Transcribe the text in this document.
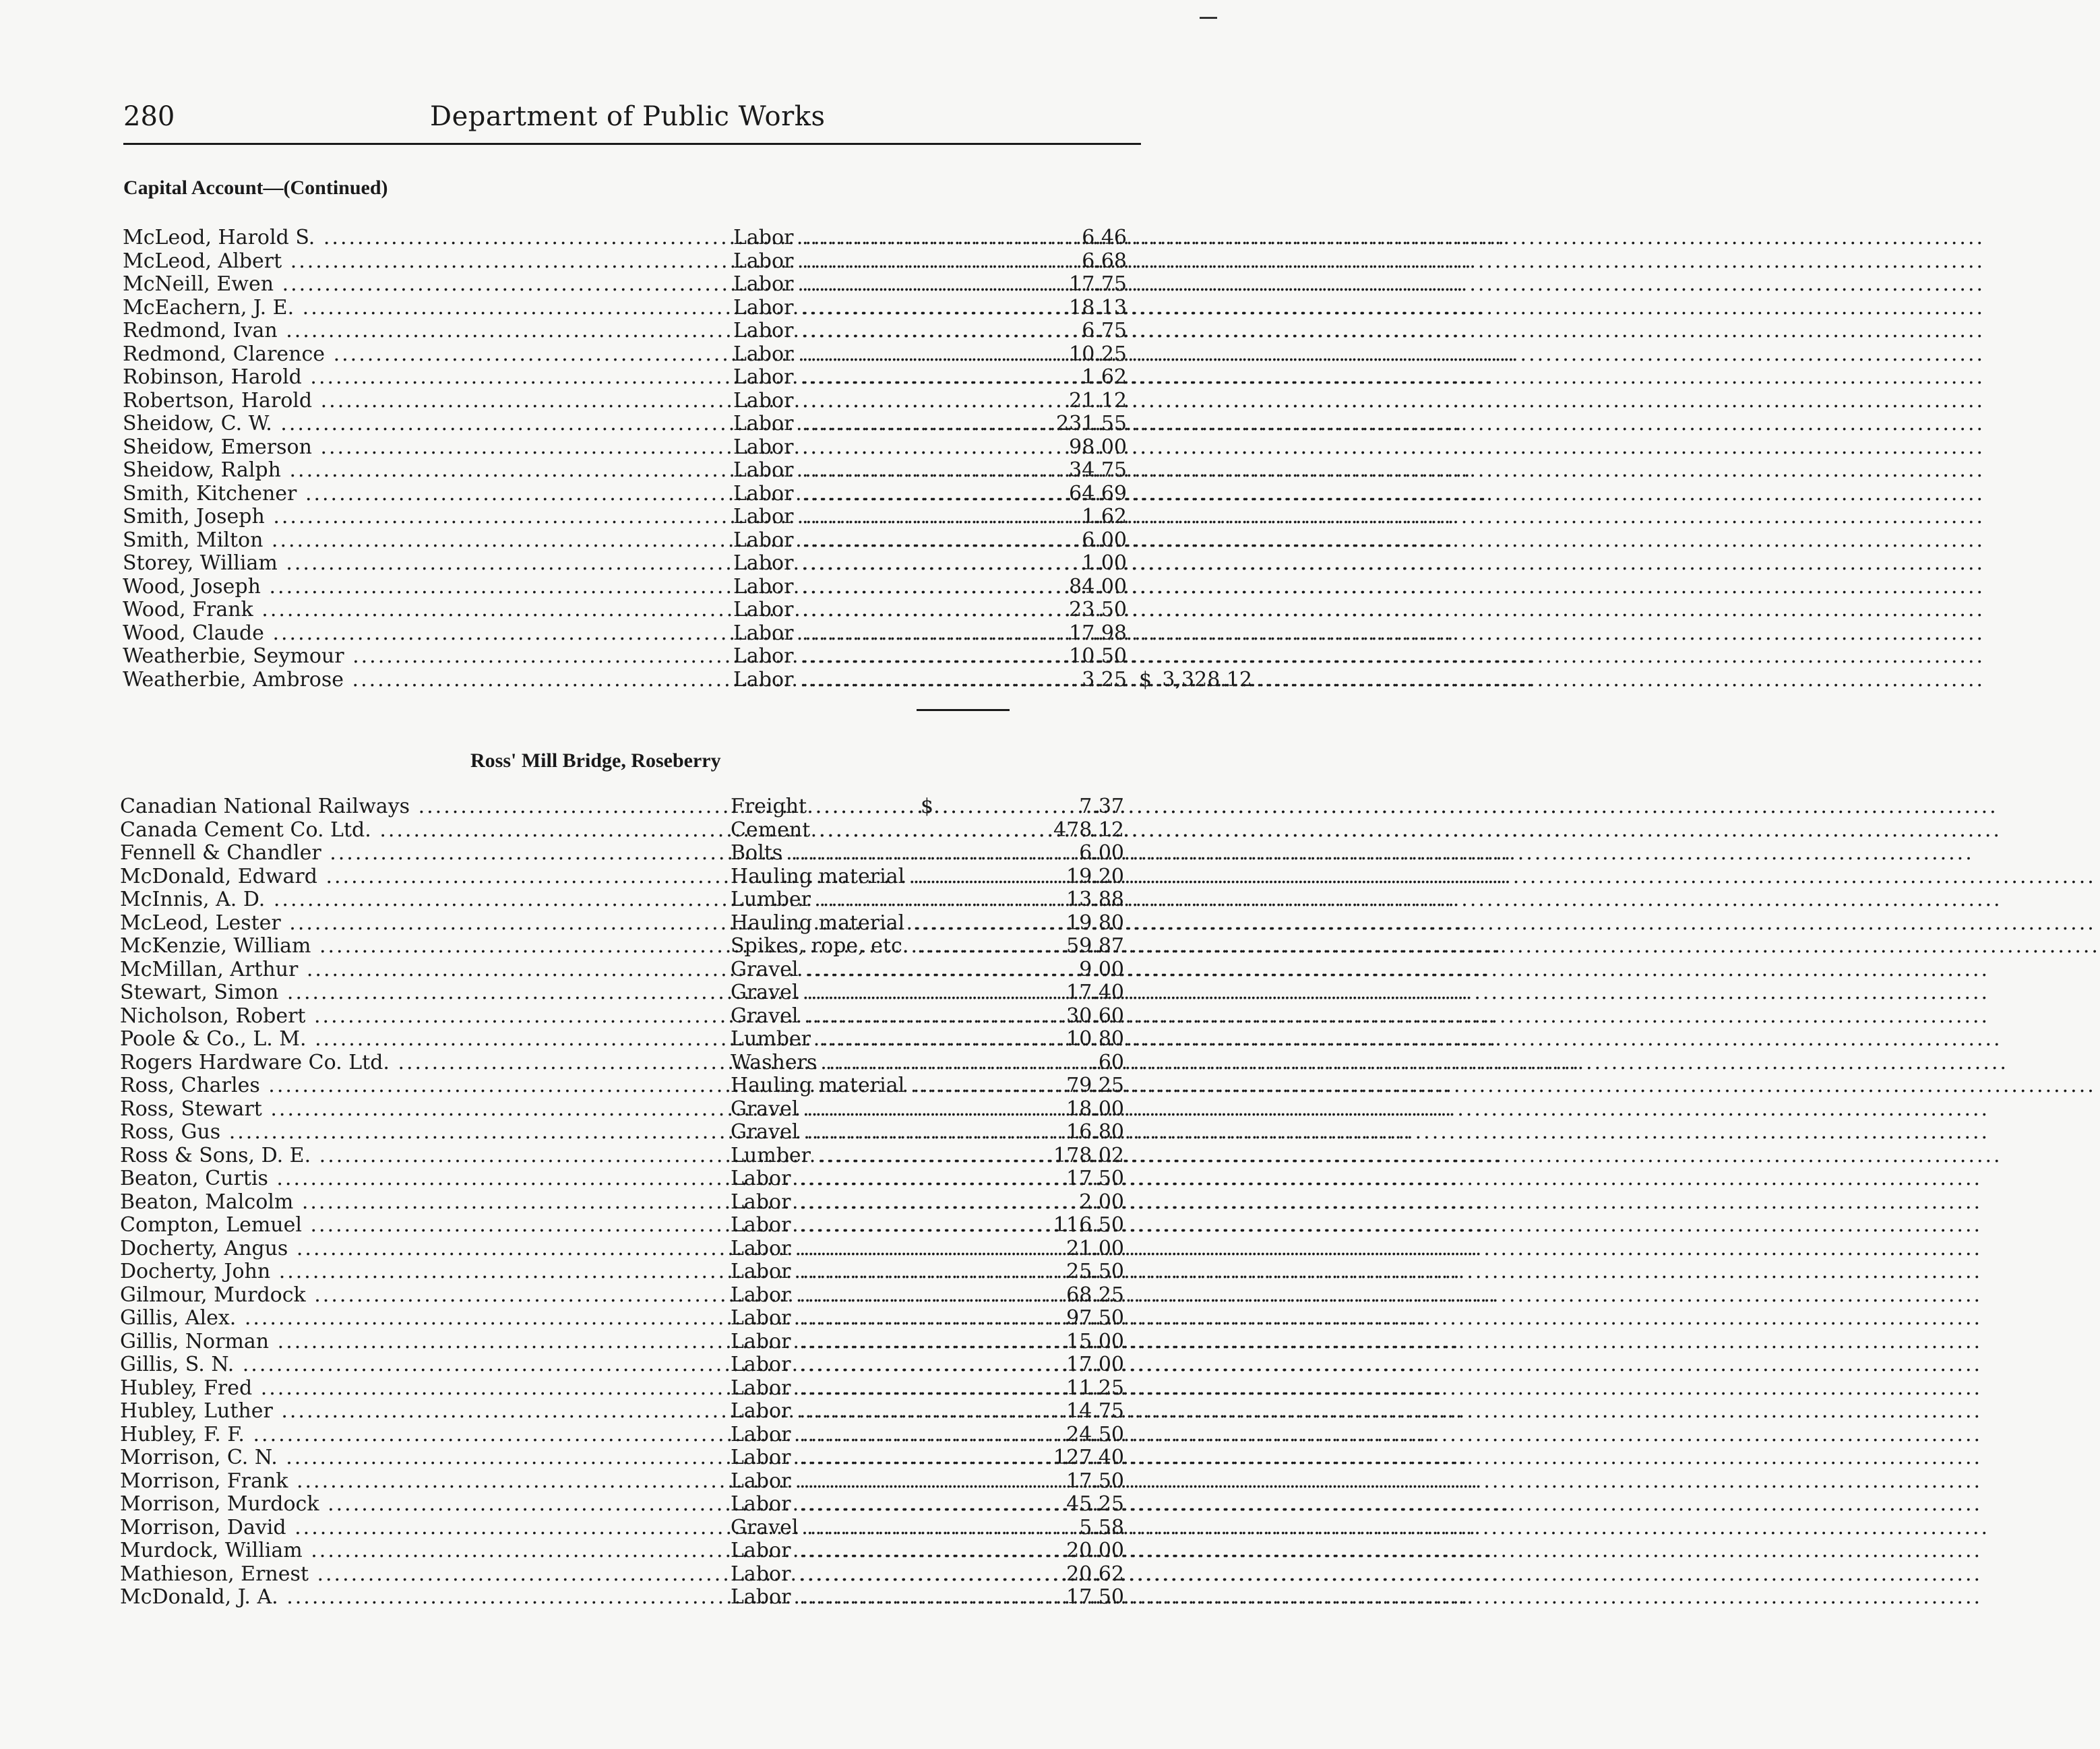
280	Department of Public Works
Capital Account—(Continued)
McLeod, Harold S. .....	Labor .....	6.46
McLeod, Albert .....	Labor .....	6.68
McNeill, Ewen .....	Labor .....	17.75
McEachern, J. E. .....	Labor .....	18.13
Redmond, Ivan .....	Labor .....	6.75
Redmond, Clarence .....	Labor .....	10.25
Robinson, Harold .....	Labor .....	1.62
Robertson, Harold .....	Labor .....	21.12
Sheidow, C. W. .....	Labor .....	231.55
Sheidow, Emerson .....	Labor .....	98.00
Sheidow, Ralph .....	Labor .....	34.75
Smith, Kitchener .....	Labor .....	64.69
Smith, Joseph .....	Labor .....	1.62
Smith, Milton .....	Labor .....	6.00
Storey, William .....	Labor .....	1.00
Wood, Joseph .....	Labor .....	84.00
Wood, Frank .....	Labor .....	23.50
Wood, Claude .....	Labor .....	17.98
Weatherbie, Seymour .....	Labor .....	10.50
Weatherbie, Ambrose .....	Labor .....	3.25 $ 3,328.12
Ross' Mill Bridge, Roseberry
Canadian National Railways .....	Freight .....	7.37
$
Canada Cement Co. Ltd. .....	Cement .....	478.12
Fennell & Chandler .....	Bolts .....	6.00
McDonald, Edward .....	Hauling material .....	19.20
McInnis, A. D. .....	Lumber .....	13.88
McLeod, Lester .....	Hauling material .....	19.80
McKenzie, William .....	Spikes, rope, etc. .....	59.87
McMillan, Arthur .....	Gravel .....	9.00
Stewart, Simon .....	Gravel .....	17.40
Nicholson, Robert .....	Gravel .....	30.60
Poole & Co., L. M. .....	Lumber .....	10.80
Rogers Hardware Co. Ltd. .....	Washers .....	.60
Ross, Charles .....	Hauling material .....	79.25
Ross, Stewart .....	Gravel .....	18.00
Ross, Gus .....	Gravel .....	16.80
Ross & Sons, D. E. .....	Lumber .....	178.02
Beaton, Curtis .....	Labor .....	17.50
Beaton, Malcolm .....	Labor .....	2.00
Compton, Lemuel .....	Labor .....	116.50
Docherty, Angus .....	Labor .....	21.00
Docherty, John .....	Labor .....	25.50
Gilmour, Murdock .....	Labor .....	68.25
Gillis, Alex. .....	Labor .....	97.50
Gillis, Norman .....	Labor .....	15.00
Gillis, S. N. .....	Labor .....	17.00
Hubley, Fred .....	Labor .....	11.25
Hubley, Luther .....	Labor .....	14.75
Hubley, F. F. .....	Labor .....	24.50
Morrison, C. N. .....	Labor .....	127.40
Morrison, Frank .....	Labor .....	17.50
Morrison, Murdock .....	Labor .....	45.25
Morrison, David .....	Gravel .....	5.58
Murdock, William .....	Labor .....	20.00
Mathieson, Ernest .....	Labor .....	20.62
McDonald, J. A. .....	Labor .....	17.50
